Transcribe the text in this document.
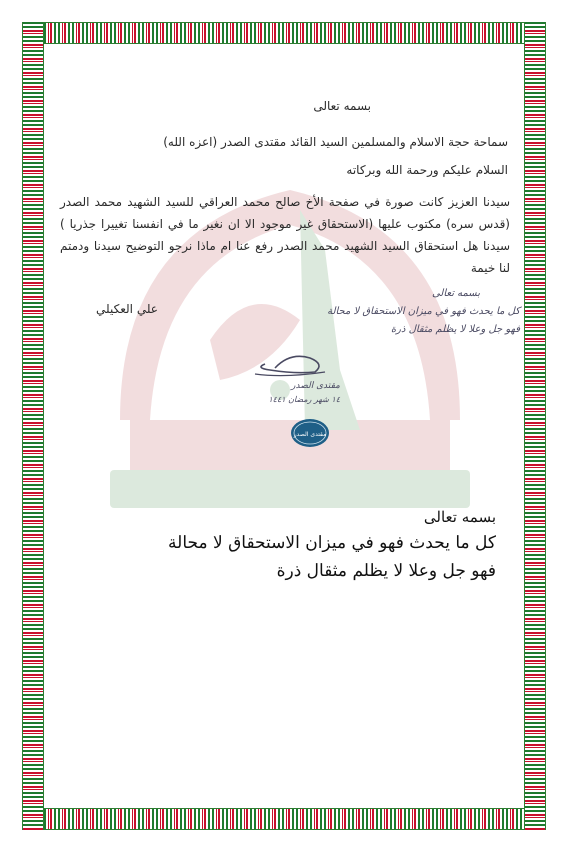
بسمه تعالى
سماحة حجة الاسلام والمسلمين السيد القائد مقتدى الصدر (اعزه الله)
السلام عليكم ورحمة الله وبركاته
سيدنا العزيز كانت صورة في صفحة الأخ صالح محمد العراقي للسيد الشهيد محمد الصدر (قدس سره) مكتوب عليها (الاستحقاق غير موجود الا ان نغير ما في انفسنا تغييرا جذريا ) سيدنا هل استحقاق السيد الشهيد محمد الصدر رفع عنا ام ماذا نرجو التوضيح سيدنا ودمتم لنا خيمة
علي العكيلي
بسمه تعالى
كل ما يحدث فهو في ميزان الاستحقاق لا محالة
فهو جل وعلا لا يظلم مثقال ذرة
مقتدى الصدر
١٤ شهر رمضان ١٤٤١
مقتدى الصدر
بسمه تعالى
كل ما يحدث فهو في ميزان الاستحقاق لا محالة
فهو جل وعلا لا يظلم مثقال ذرة
